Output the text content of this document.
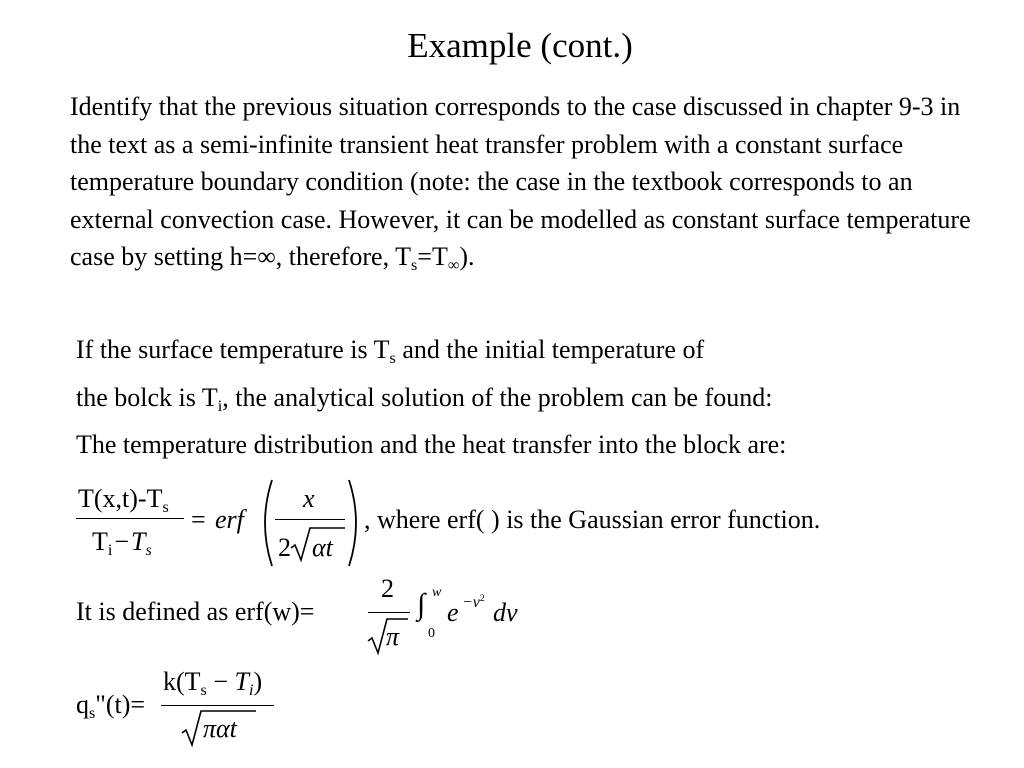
Example (cont.)
Identify that the previous situation corresponds to the case discussed in chapter 9-3 in the text as a semi-infinite transient heat transfer problem with a constant surface temperature boundary condition (note: the case in the textbook corresponds to an external convection case. However, it can be modelled as constant surface temperature case by setting h=∞, therefore, $T_s=T_\infty$).
If the surface temperature is $T_s$ and the initial temperature of
the bolck is $T_i$, the analytical solution of the problem can be found:
The temperature distribution and the heat transfer into the block are:
$T(x,t)-T_s$
$T_i-T_s$
= erf
x
2 αt
, where erf( ) is the Gaussian error function.
It is defined as erf(w)=
2
π
∫ w
0
$e -v^2$ dv
$q_s"(t)=$
$k(T_s - T_i)$
παt
